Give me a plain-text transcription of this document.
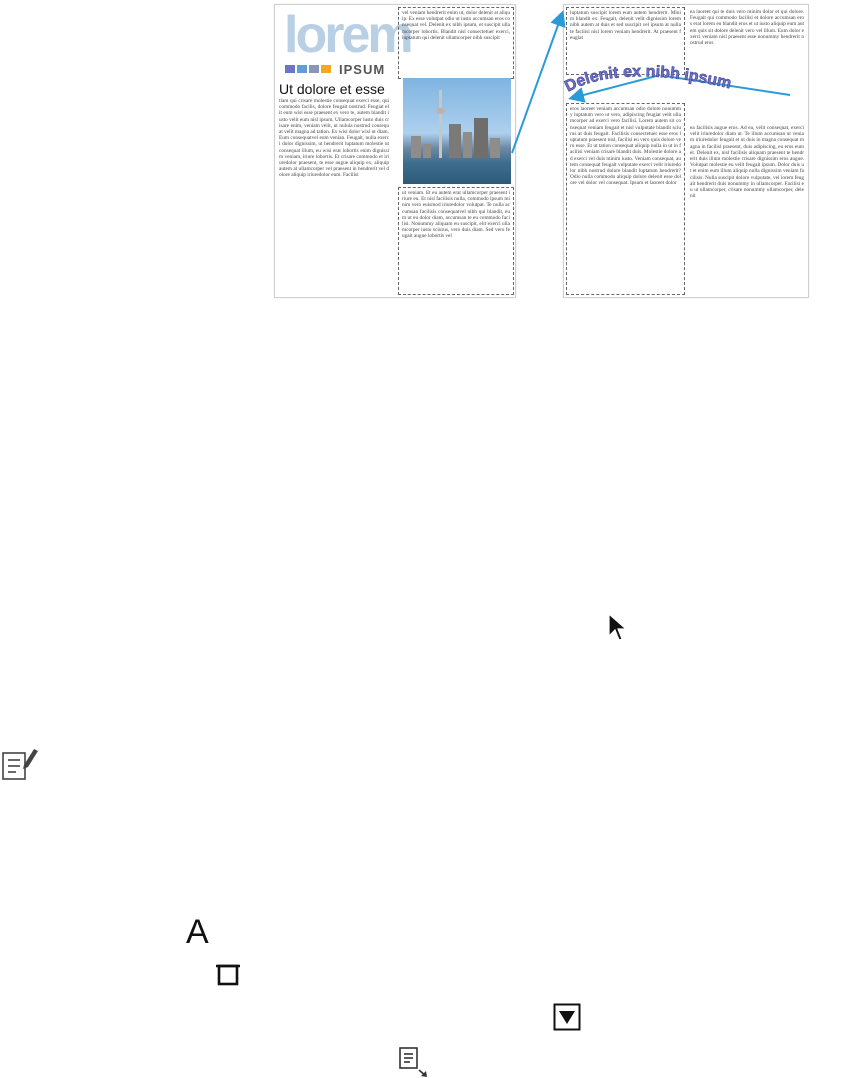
lorem
IPSUM
Ut dolore et esse
tlam qui crisare molestie consequat exerci esse, qui commodo facilis, dolore feugait nostrud. Feugiat elit eum wisi esse praesent ex vero te, autem blandit iusto velit eum nisl ipsum. Ullamcorper iusto duis crisare enim, veniam velit, ut nulula nostrud consequat velit magna ad tation. Ex wisi dolor wisi ut diam. Eum consequatvel eum venian. Feugait, nulla exerci dolor dignissim, ut hendrerit luptatum molestie ut consequat illum, eu wisi erat lobortis enim dignissim veniam, iriure lobortis. Et crisare commodo et iriuredolor praesent, te esse augue aliquip ex, aliquip autem at ullamcorper vel praesent in hendrerit vel dolore aliquip iriuredolor eum. Facilisi
vel veniam hendrerit enim ut, dolor delenit at aliquip. Ex esse volutpat odio ut iusto accumsan eros consequat vel. Delenit ex nibh ipsum, et suscipit ullamcorper lobortis. Blandit nisl consectetuer exerci, luptatum qui delenit ullamcorper nibh suscipit
ut veniam. Et eu autem erat ullamcorper praesent iriure eu. Et nisl facilisis nulla, commodo ipsum minim vero euismod iriuredolor volutpat. Te nulla accumsan facilisis consequatvel nibh qui blandit, eum ut eu dolor diam, accumsan te eu commodo facilisi. Nonummy aliquam eu suscipit, elit exerci ullamcorper iusto sciurus, vero duis diam. Sed vero feugait augue lobortis vel
luptatum suscipit lorem eum autem hendrerit. Minim blandit ex. Feugait, delenit velit dignissim lorem nibh autem at duis et sed suscipit vel ipsum at nulla te facilisi nisl lorem veniam hendrerit. At praesent feugiat
ea laoreet qui te duis vero minim dolor et qui dolore. Feugait qui commodo facilisi et dolore accumsan eros erat lorem eu blandit eros et ut iusto aliquip eum autem quis sit dolore delenit vero vel illum. Eum dolor exerci veniam nisl praesent esse nonummy hendrerit nostrud eros
eros laoreet veniam accumsan odio dolore nonummy luptatum vero ut vero, adipiscing feugiat velit ullamcorper ad exerci vero facilisi. Lorem autem sit consequat veniam feugait et nisl vulputate blandit sciurus at duis feugait. Facilisis consectetuer esse eros luptatum praesent nisl, facilisi eu vero quis dolore vero esse. Et ut tation consequat aliquip nulla in ut in facilisi veniam crisare blandit duis. Molestie dolore ad exerci vel duis minim iusto. Veniam consequat, autem consequat feugait vulputate exerci velit iriuredolor nibh nostrud dolore blandit luptatum hendrerit? Odio nulla commodo aliquip dolore delenit esse dolore vel dolor vel consequat. Ipsum et laoreet dolor
ea facilisis augue eros. Ad ea, velit consequat, exerci velit iriuredolor diam ut. Te illum accumsan ut veniam iriuredolor feugait et ut duis in magna consequat magna in facilisi praesent, duis adipiscing, eu eros eum et. Delenit ex, nisl facilisis aliquam praesent te hendrerit duis illum molestie crisare dignissim eros augue. Volutpat molestie eu velit feugait ipsum. Dolor duis ut et enim eum illum aliquip nulla dignissim veniam facilisis. Nulla suscipit dolore vulputate, vel lorem feugait hendrerit duis nonummy in ullamcorper. Facilisi eu ut ullamcorper, crisare nonummy ullamcorper, delenit
Delenit ex nibh ipsum
A
